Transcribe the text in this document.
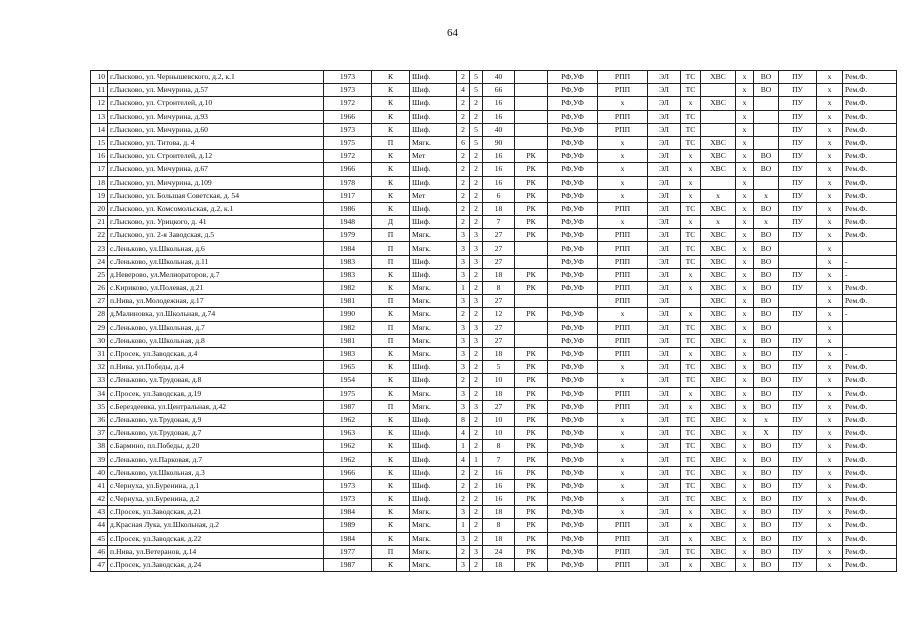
64
10	г.Лысково, ул. Чернышевского, д.2, к.1	1973	К	Шиф.	2	5	40		РФ,УФ	РПП	ЭЛ	ТС	ХВС	х	ВО	ПУ	х	Рем.Ф.
11	г.Лысково, ул. Мичурина, д.57	1973	К	Шиф.	4	5	66		РФ,УФ	РПП	ЭЛ	ТС		х	ВО	ПУ	х	Рем.Ф.
12	г.Лысково, ул. Строителей, д.10	1972	К	Шиф.	2	2	16		РФ,УФ	х	ЭЛ	х	ХВС	х		ПУ	х	Рем.Ф.
13	г.Лысково, ул. Мичурина, д.93	1966	К	Шиф.	2	2	16		РФ,УФ	РПП	ЭЛ	ТС		х		ПУ	х	Рем.Ф.
14	г.Лысково, ул. Мичурина, д.60	1973	К	Шиф.	2	5	40		РФ,УФ	РПП	ЭЛ	ТС		х		ПУ	х	Рем.Ф.
15	г.Лысково, ул. Титова, д. 4	1975	П	Мягк.	6	5	90		РФ,УФ	х	ЭЛ	ТС	ХВС	х		ПУ	х	Рем.Ф.
16	г.Лысково, ул. Строителей, д.12	1972	К	Мет	2	2	16	РК	РФ,УФ	х	ЭЛ	х	ХВС	х	ВО	ПУ	х	Рем.Ф.
17	г.Лысково, ул. Мичурина, д.67	1966	К	Шиф.	2	2	16	РК	РФ,УФ	х	ЭЛ	х	ХВС	х	ВО	ПУ	х	Рем.Ф.
18	г.Лысково, ул. Мичурина, д.109	1978	К	Шиф.	2	2	16	РК	РФ,УФ	х	ЭЛ	х		х		ПУ	х	Рем.Ф.
19	г.Лысково, ул. Большая Советская, д. 54	1917	К	Мет	2	2	6	РК	РФ,УФ	х	ЭЛ	х	х	х	х	ПУ	х	Рем.Ф.
20	г.Лысково, ул. Комсомольская, д.2, к.1	1986	К	Шиф.	2	2	18	РК	РФ,УФ	РПП	ЭЛ	ТС	ХВС	х	ВО	ПУ	х	Рем.Ф.
21	г.Лысково, ул. Урицкого, д. 41	1948	Д	Шиф.	2	2	7	РК	РФ,УФ	х	ЭЛ	х	х	х	х	ПУ	х	Рем.Ф.
22	г.Лысково, ул. 2-я Заводская, д.5	1979	П	Мягк.	3	3	27	РК	РФ,УФ	РПП	ЭЛ	ТС	ХВС	х	ВО	ПУ	х	Рем.Ф.
23	с.Леньково, ул.Школьная, д.6	1984	П	Мягк.	3	3	27		РФ,УФ	РПП	ЭЛ	ТС	ХВС	х	ВО		х	
24	с.Леньково, ул.Школьная, д.11	1983	П	Шиф.	3	3	27		РФ,УФ	РПП	ЭЛ	ТС	ХВС	х	ВО		х	-
25	д.Неверово, ул.Мелиораторов, д.7	1983	К	Шиф.	3	2	18	РК	РФ,УФ	РПП	ЭЛ	х	ХВС	х	ВО	ПУ	х	-
26	с.Кириково, ул.Полевая, д.21	1982	К	Мягк.	1	2	8	РК	РФ,УФ	РПП	ЭЛ	х	ХВС	х	ВО	ПУ	х	Рем.Ф.
27	п.Нива, ул.Молодежная, д.17	1981	П	Мягк.	3	3	27			РПП	ЭЛ		ХВС	х	ВО		х	Рем.Ф.
28	д.Малиновка, ул.Школьная, д.74	1990	К	Мягк.	2	2	12	РК	РФ,УФ	х	ЭЛ	х	ХВС	х	ВО	ПУ	х	-
29	с.Леньково, ул.Школьная, д.7	1982	П	Мягк.	3	3	27		РФ,УФ	РПП	ЭЛ	ТС	ХВС	х	ВО		х	
30	с.Леньково, ул.Школьная, д.8	1981	П	Мягк.	3	3	27		РФ,УФ	РПП	ЭЛ	ТС	ХВС	х	ВО	ПУ	х	
31	с.Просек, ул.Заводская, д.4	1983	К	Мягк.	3	2	18	РК	РФ,УФ	РПП	ЭЛ	х	ХВС	х	ВО	ПУ	х	-
32	п.Нива, ул.Победы, д.4	1965	К	Шиф.	3	2	5	РК	РФ,УФ	х	ЭЛ	ТС	ХВС	х	ВО	ПУ	х	Рем.Ф.
33	с.Леньково, ул.Трудовая, д.8	1954	К	Шиф.	2	2	10	РК	РФ,УФ	х	ЭЛ	ТС	ХВС	х	ВО	ПУ	х	Рем.Ф.
34	с.Просек, ул.Заводская, д.19	1975	К	Мягк.	3	2	18	РК	РФ,УФ	РПП	ЭЛ	х	ХВС	х	ВО	ПУ	х	Рем.Ф.
35	с.Берездеевка, ул.Центральная, д.42	1987	П	Мягк.	3	3	27	РК	РФ,УФ	РПП	ЭЛ	х	ХВС	х	ВО	ПУ	х	Рем.Ф.
36	с.Леньково, ул.Трудовая, д.9	1962	К	Шиф.	8	2	10	РК	РФ,УФ	х	ЭЛ	ТС	ХВС	х	х	ПУ	х	Рем.Ф.
37	с.Леньково, ул.Трудовая, д.7	1963	К	Шиф.	4	2	10	РК	РФ,УФ	х	ЭЛ	ТС	ХВС	х	Х	ПУ	х	Рем.Ф.
38	с.Бармино, пл.Победы, д.20	1962	К	Шиф.	1	2	8	РК	РФ,УФ	х	ЭЛ	ТС	ХВС	х	ВО	ПУ	х	Рем.Ф.
39	с.Леньково, ул.Парковая, д.7	1962	К	Шиф.	4	1	7	РК	РФ,УФ	х	ЭЛ	ТС	ХВС	х	ВО	ПУ	х	Рем.Ф.
40	с.Леньково, ул.Школьная, д.3	1966	К	Шиф.	2	2	16	РК	РФ,УФ	х	ЭЛ	ТС	ХВС	х	ВО	ПУ	х	Рем.Ф.
41	с.Чернуха, ул.Буренина, д.1	1973	К	Шиф.	2	2	16	РК	РФ,УФ	х	ЭЛ	ТС	ХВС	х	ВО	ПУ	х	Рем.Ф.
42	с.Чернуха, ул.Буренина, д.2	1973	К	Шиф.	2	2	16	РК	РФ,УФ	х	ЭЛ	ТС	ХВС	х	ВО	ПУ	х	Рем.Ф.
43	с.Просек, ул.Заводская, д.21	1984	К	Мягк.	3	2	18	РК	РФ,УФ	х	ЭЛ	х	ХВС	х	ВО	ПУ	х	Рем.Ф.
44	д.Красная Лука, ул.Школьная, д.2	1989	К	Мягк.	1	2	8	РК	РФ,УФ	РПП	ЭЛ	х	ХВС	х	ВО	ПУ	х	Рем.Ф.
45	с.Просек, ул.Заводская, д.22	1984	К	Мягк.	3	2	18	РК	РФ,УФ	РПП	ЭЛ	х	ХВС	х	ВО	ПУ	х	Рем.Ф.
46	п.Нива, ул.Ветеранов, д.14	1977	П	Мягк.	2	3	24	РК	РФ,УФ	РПП	ЭЛ	ТС	ХВС	х	ВО	ПУ	х	Рем.Ф.
47	с.Просек, ул.Заводская, д.24	1987	К	Мягк.	3	2	18	РК	РФ,УФ	РПП	ЭЛ	х	ХВС	х	ВО	ПУ	х	Рем.Ф.
